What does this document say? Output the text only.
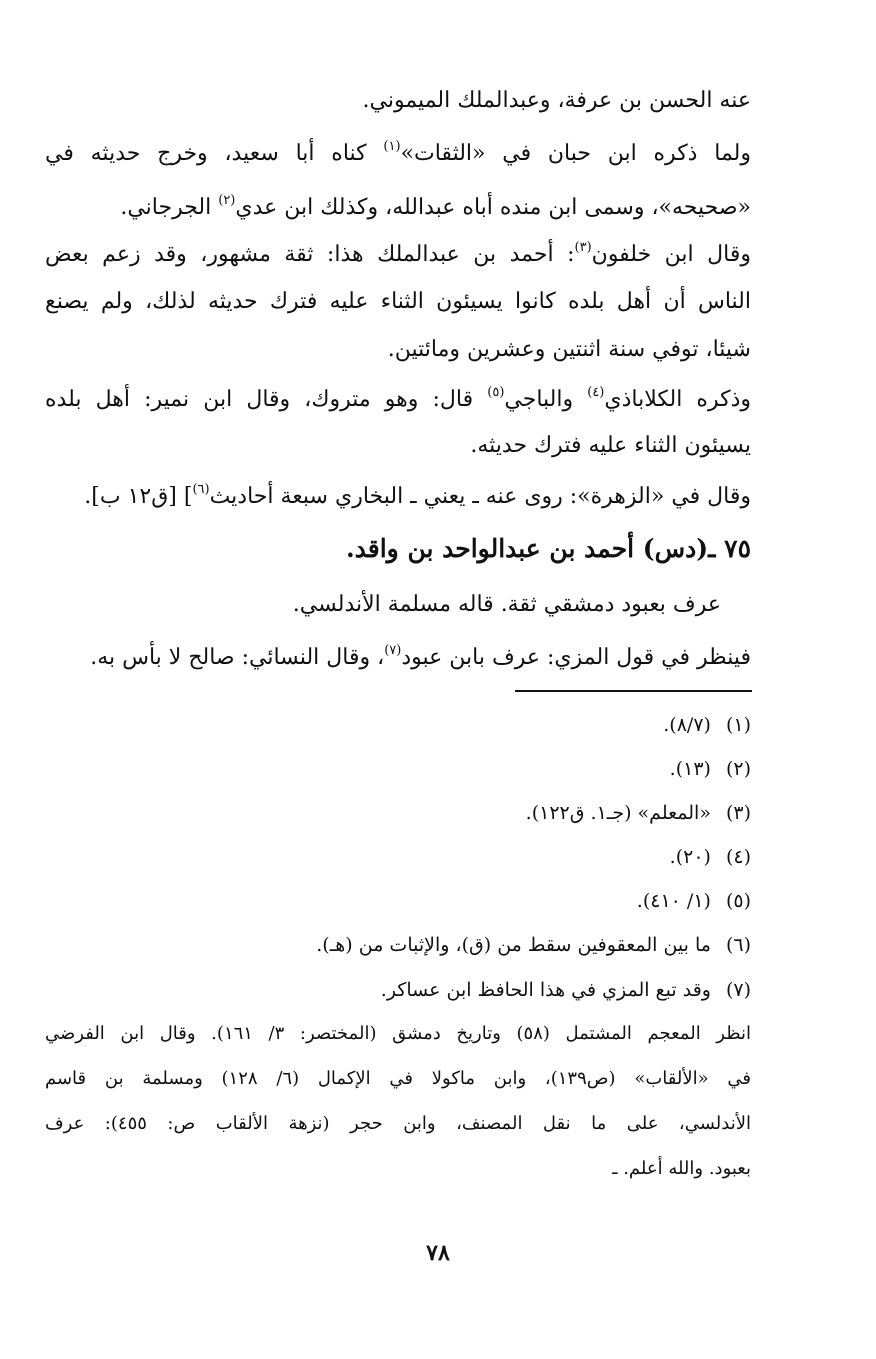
عنه الحسن بن عرفة، وعبدالملك الميموني.
ولما ذكره ابن حبان في «الثقات»$^{(١)}$ كناه أبا سعيد، وخرج حديثه في
«صحيحه»، وسمى ابن منده أباه عبدالله، وكذلك ابن عدي$^{(٢)}$ الجرجاني.
وقال ابن خلفون$^{(٣)}$: أحمد بن عبدالملك هذا: ثقة مشهور، وقد زعم بعض
الناس أن أهل بلده كانوا يسيئون الثناء عليه فترك حديثه لذلك، ولم يصنع
شيئا، توفي سنة اثنتين وعشرين ومائتين.
وذكره الكلاباذي$^{(٤)}$ والباجي$^{(٥)}$ قال: وهو متروك، وقال ابن نمير: أهل بلده
يسيئون الثناء عليه فترك حديثه.
وقال في «الزهرة»: روى عنه ـ يعني ـ البخاري سبعة أحاديث$^{(٦)}$] [ق١٢ ب].
٧٥ ـ(دس) أحمد بن عبدالواحد بن واقد.
عرف بعبود دمشقي ثقة. قاله مسلمة الأندلسي.
فينظر في قول المزي: عرف بابن عبود$^{(٧)}$، وقال النسائي: صالح لا بأس به.
(١) (٨/٧).
(٢) (١٣).
(٣) «المعلم» (جـ١. ق١٢٢).
(٤) (٢٠).
(٥) (١/ ٤١٠).
(٦) ما بين المعقوفين سقط من (ق)، والإثبات من (هـ).
(٧) وقد تبع المزي في هذا الحافظ ابن عساكر.
انظر المعجم المشتمل (٥٨) وتاريخ دمشق (المختصر: ٣/ ١٦١). وقال ابن الفرضي
في «الألقاب» (ص١٣٩)، وابن ماكولا في الإكمال (٦/ ١٢٨) ومسلمة بن قاسم
الأندلسي، على ما نقل المصنف، وابن حجر (نزهة الألقاب ص: ٤٥٥): عرف
بعبود. والله أعلم. ـ
٧٨
